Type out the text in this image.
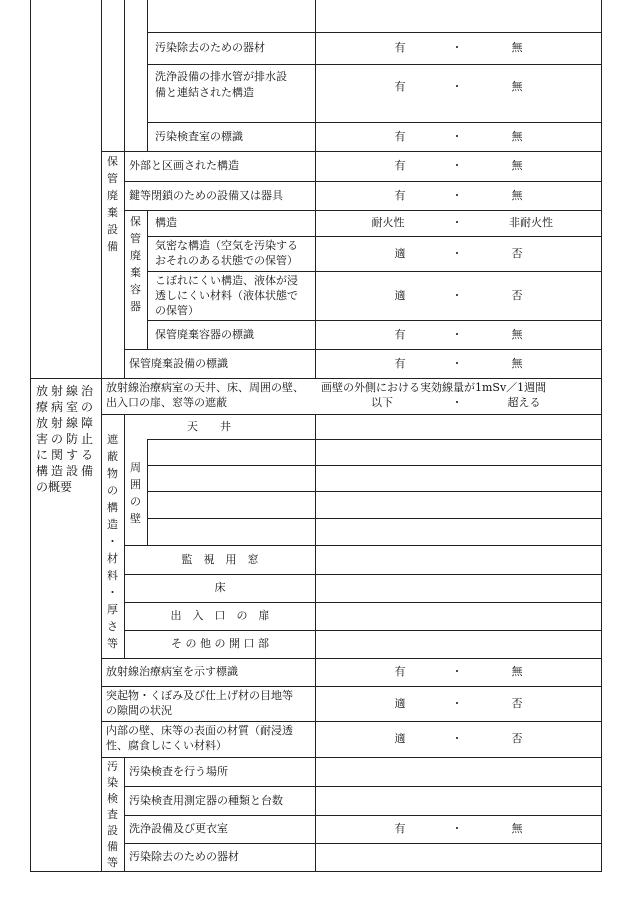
汚染除去のための器材	有	・	無
洗浄設備の排水管が排水設
備と連結された構造	有	・	無
汚染検査室の標識	有	・	無
保
管
廃
棄
設
備
外部と区画された構造	有	・	無
鍵等閉鎖のための設備又は器具	有	・	無
保
管
廃
棄
容
器
構造	耐火性	・	非耐火性
気密な構造（空気を汚染する
おそれのある状態での保管）
適	・	否
こぼれにくい構造、液体が浸
透しにくい材料（液体状態で
の保管）
適	・	否
保管廃棄容器の標識	有	・	無
保管廃棄設備の標識	有	・	無
放射線治
療病室の
放射線障
害の防止
に関する
構造設備
の概要
放射線治療病室の天井、床、周囲の壁、
出入口の扉、窓等の遮蔽
画壁の外側における実効線量が1mSv／1週間
以下	・	超える
遮
蔽
物
の
構
造
・
材
料
・
厚
さ
等
天　　井
周
囲
の
壁
監　視　用　窓
床
出　入　口　の　扉
そ の 他 の 開 口 部
放射線治療病室を示す標識	有	・	無
突起物・くぼみ及び仕上げ材の目地等
の隙間の状況
適	・	否
内部の壁、床等の表面の材質（耐浸透
性、腐食しにくい材料）
適	・	否
汚
染
検
査
設
備
等
汚染検査を行う場所
汚染検査用測定器の種類と台数
洗浄設備及び更衣室	有	・	無
汚染除去のための器材
